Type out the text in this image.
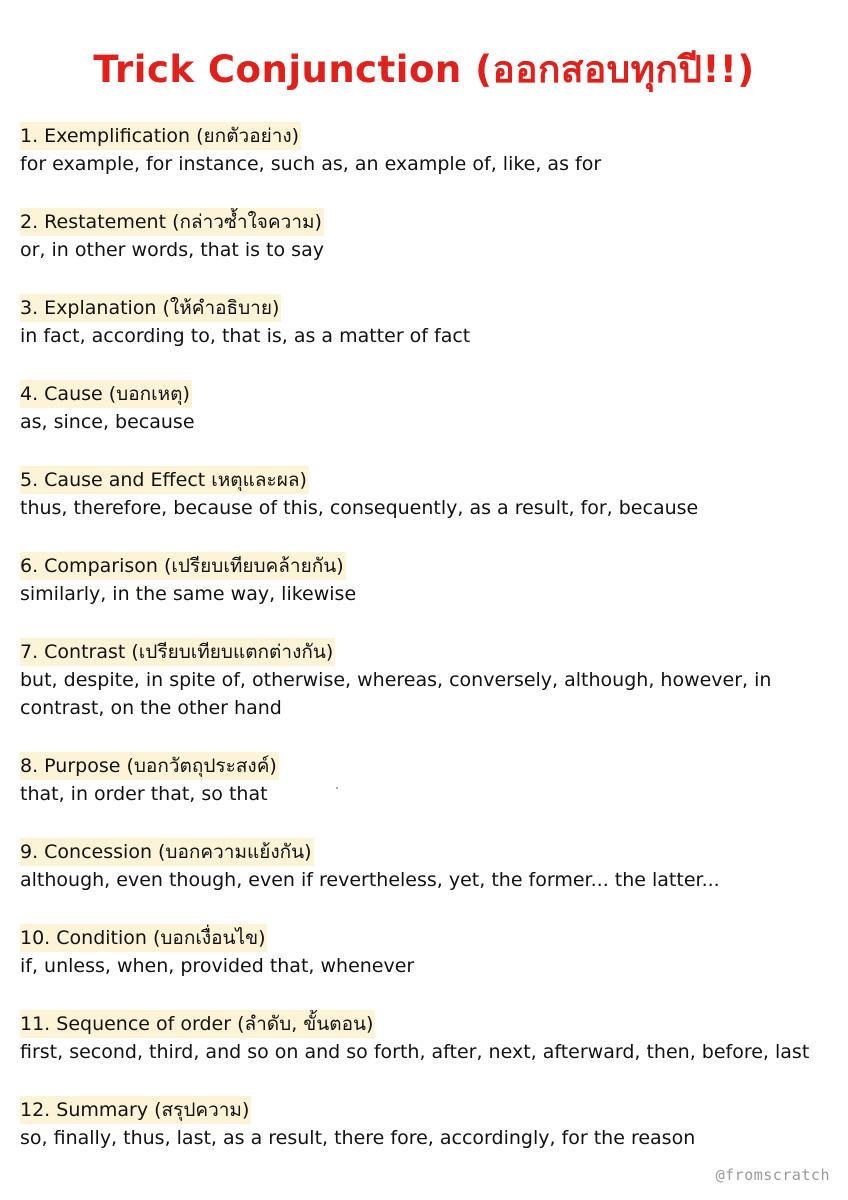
Trick Conjunction (ออกสอบทุกปี!!)
1. Exemplification (ยกตัวอย่าง)
for example, for instance, such as, an example of, like, as for
2. Restatement (กล่าวซ้ำใจความ)
or, in other words, that is to say
3. Explanation (ให้คำอธิบาย)
in fact, according to, that is, as a matter of fact
4. Cause (บอกเหตุ)
as, since, because
5. Cause and Effect เหตุและผล)
thus, therefore, because of this, consequently, as a result, for, because
6. Comparison (เปรียบเทียบคล้ายกัน)
similarly, in the same way, likewise
7. Contrast (เปรียบเทียบแตกต่างกัน)
but, despite, in spite of, otherwise, whereas, conversely, although, however, in contrast, on the other hand
8. Purpose (บอกวัตถุประสงค์)
that, in order that, so that
9. Concession (บอกความแย้งกัน)
although, even though, even if revertheless, yet, the former... the latter...
10. Condition (บอกเงื่อนไข)
if, unless, when, provided that, whenever
11. Sequence of order (ลำดับ, ขั้นตอน)
first, second, third, and so on and so forth, after, next, afterward, then, before, last
12. Summary (สรุปความ)
so, finally, thus, last, as a result, there fore, accordingly, for the reason
@fromscratch
